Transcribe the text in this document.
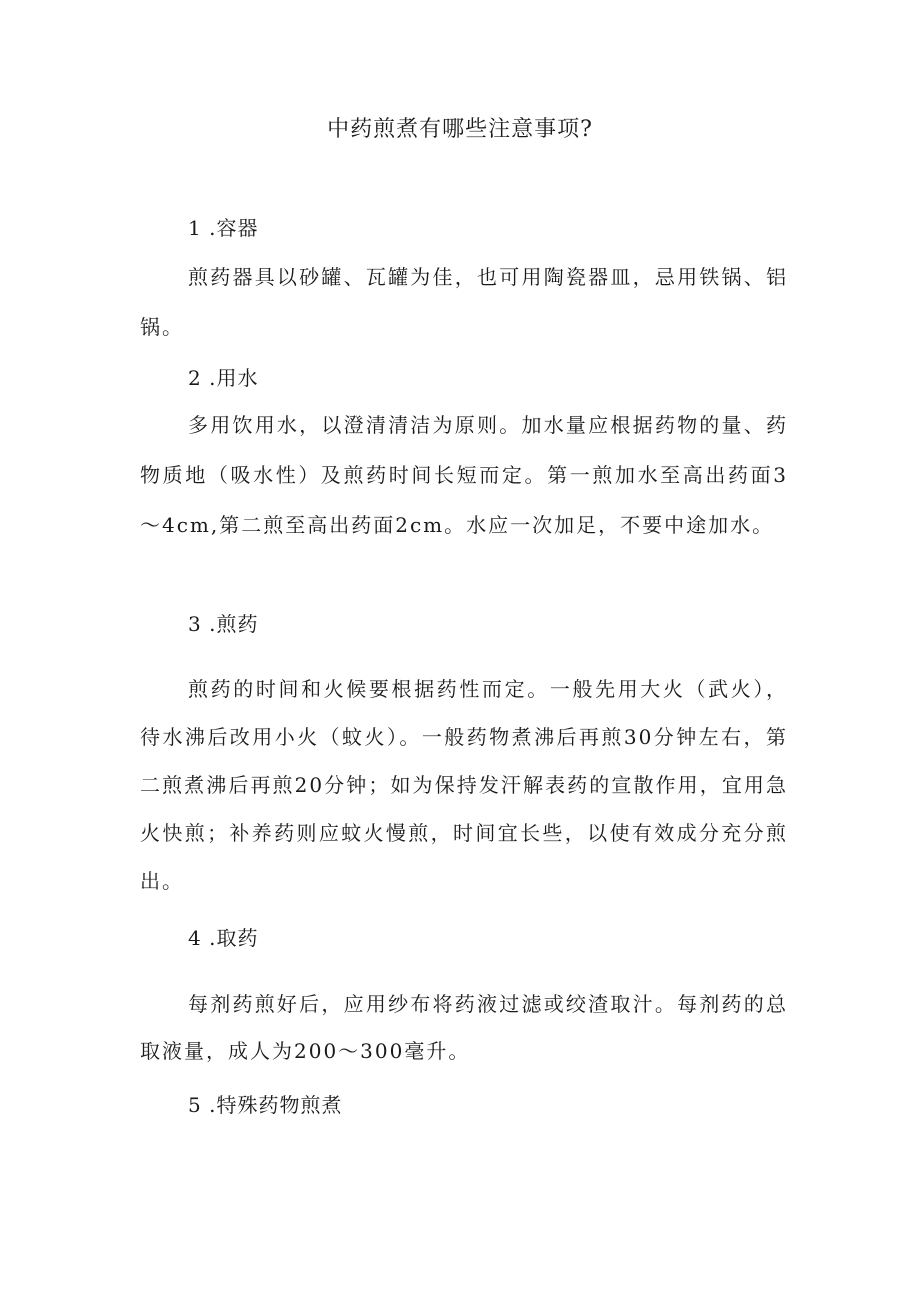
中药煎煮有哪些注意事项?
1 .容器

煎药器具以砂罐、瓦罐为佳，也可用陶瓷器皿，忌用铁锅、铝锅。

2 .用水

多用饮用水，以澄清清洁为原则。加水量应根据药物的量、药物质地（吸水性）及煎药时间长短而定。第一煎加水至高出药面3～4cm,第二煎至高出药面2cm。水应一次加足，不要中途加水。

3 .煎药

煎药的时间和火候要根据药性而定。一般先用大火（武火），待水沸后改用小火（蚊火）。一般药物煮沸后再煎30分钟左右，第二煎煮沸后再煎20分钟；如为保持发汗解表药的宣散作用，宜用急火快煎；补养药则应蚊火慢煎，时间宜长些，以使有效成分充分煎出。

4 .取药

每剂药煎好后，应用纱布将药液过滤或绞渣取汁。每剂药的总取液量，成人为200～300毫升。

5 .特殊药物煎煮
